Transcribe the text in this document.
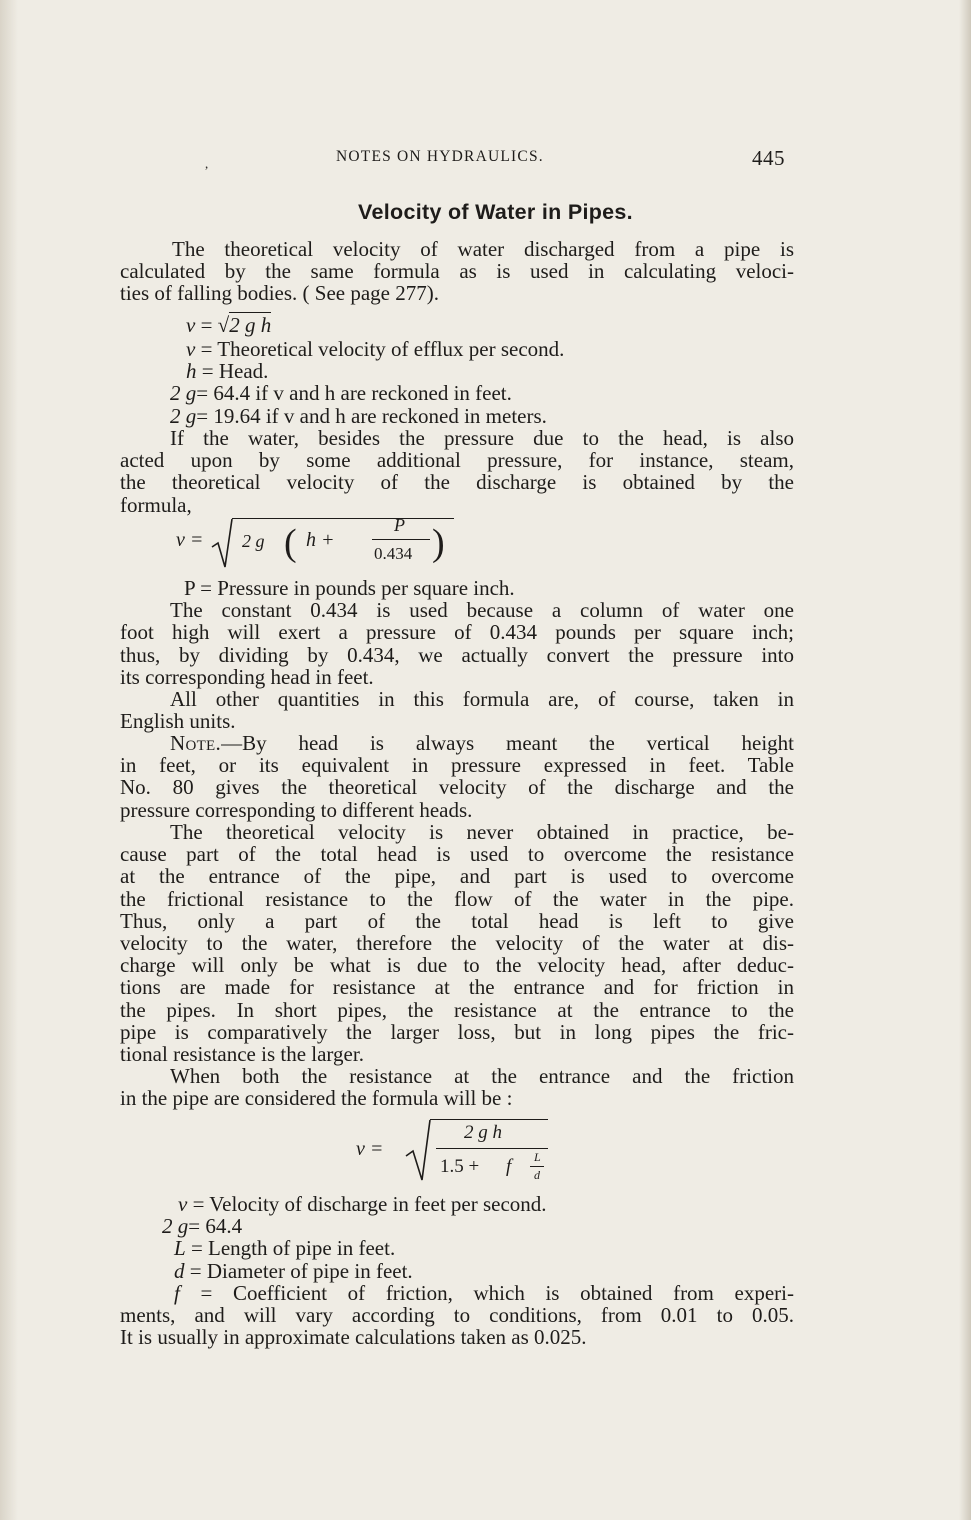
,	NOTES ON HYDRAULICS.	445
Velocity of Water in Pipes.
The theoretical velocity of water discharged from a pipe is
calculated by the same formula as is used in calculating veloci-
ties of falling bodies. ( See page 277).
v = √2 g h
v = Theoretical velocity of efflux per second.
h = Head.
2 g= 64.4 if v and h are reckoned in feet.
2 g= 19.64 if v and h are reckoned in meters.
If the water, besides the pressure due to the head, is also
acted upon by some additional pressure, for instance, steam,
the theoretical velocity of the discharge is obtained by the
formula,
v = 2 g ( h +
P
0.434 )
P = Pressure in pounds per square inch.
The constant 0.434 is used because a column of water one
foot high will exert a pressure of 0.434 pounds per square inch;
thus, by dividing by 0.434, we actually convert the pressure into
its corresponding head in feet.
All other quantities in this formula are, of course, taken in
English units.
Note.—By head is always meant the vertical height
in feet, or its equivalent in pressure expressed in feet. Table
No. 80 gives the theoretical velocity of the discharge and the
pressure corresponding to different heads.
The theoretical velocity is never obtained in practice, be-
cause part of the total head is used to overcome the resistance
at the entrance of the pipe, and part is used to overcome
the frictional resistance to the flow of the water in the pipe.
Thus, only a part of the total head is left to give
velocity to the water, therefore the velocity of the water at dis-
charge will only be what is due to the velocity head, after deduc-
tions are made for resistance at the entrance and for friction in
the pipes. In short pipes, the resistance at the entrance to the
pipe is comparatively the larger loss, but in long pipes the fric-
tional resistance is the larger.
When both the resistance at the entrance and the friction
in the pipe are considered the formula will be :
v =
2 g h
1.5 + f L
d
v = Velocity of discharge in feet per second.
2 g= 64.4
L = Length of pipe in feet.
d = Diameter of pipe in feet.
f = Coefficient of friction, which is obtained from experi-
ments, and will vary according to conditions, from 0.01 to 0.05.
It is usually in approximate calculations taken as 0.025.
